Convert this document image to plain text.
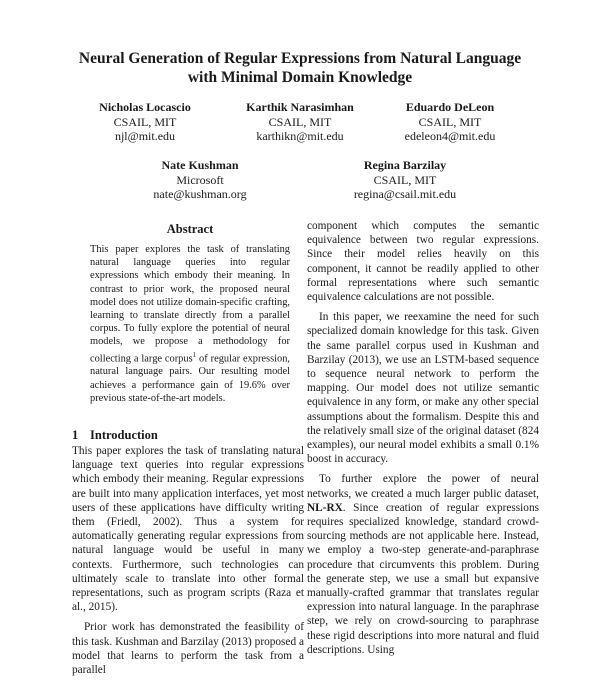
Neural Generation of Regular Expressions from Natural Language
with Minimal Domain Knowledge
Nicholas Locascio
CSAIL, MIT
njl@mit.edu
Karthik Narasimhan
CSAIL, MIT
karthikn@mit.edu
Eduardo DeLeon
CSAIL, MIT
edeleon4@mit.edu
Nate Kushman
Microsoft
nate@kushman.org
Regina Barzilay
CSAIL, MIT
regina@csail.mit.edu
Abstract
This paper explores the task of translating natural language queries into regular expressions which embody their meaning. In contrast to prior work, the proposed neural model does not utilize domain-specific crafting, learning to translate directly from a parallel corpus. To fully explore the potential of neural models, we propose a methodology for collecting a large corpus$^1$ of regular expression, natural language pairs. Our resulting model achieves a performance gain of 19.6% over previous state-of-the-art models.
1 Introduction

This paper explores the task of translating natural language text queries into regular expressions which embody their meaning. Regular expressions are built into many application interfaces, yet most users of these applications have difficulty writing them (Friedl, 2002). Thus a system for automatically generating regular expressions from natural language would be useful in many contexts. Furthermore, such technologies can ultimately scale to translate into other formal representations, such as program scripts (Raza et al., 2015).

Prior work has demonstrated the feasibility of this task. Kushman and Barzilay (2013) proposed a model that learns to perform the task from a parallel

component which computes the semantic equivalence between two regular expressions. Since their model relies heavily on this component, it cannot be readily applied to other formal representations where such semantic equivalence calculations are not possible.

In this paper, we reexamine the need for such specialized domain knowledge for this task. Given the same parallel corpus used in Kushman and Barzilay (2013), we use an LSTM-based sequence to sequence neural network to perform the mapping. Our model does not utilize semantic equivalence in any form, or make any other special assumptions about the formalism. Despite this and the relatively small size of the original dataset (824 examples), our neural model exhibits a small 0.1% boost in accuracy.

To further explore the power of neural networks, we created a much larger public dataset, NL-RX. Since creation of regular expressions requires specialized knowledge, standard crowd-sourcing methods are not applicable here. Instead, we employ a two-step generate-and-paraphrase procedure that circumvents this problem. During the generate step, we use a small but expansive manually-crafted grammar that translates regular expression into natural language. In the paraphrase step, we rely on crowd-sourcing to paraphrase these rigid descriptions into more natural and fluid descriptions. Using
